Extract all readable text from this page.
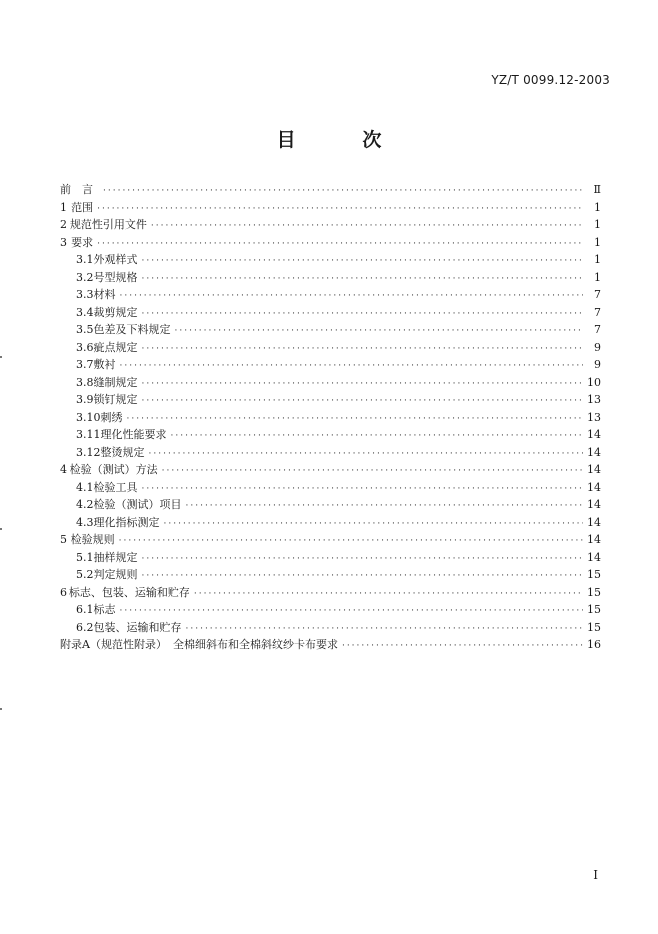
YZ/T 0099.12-2003
目	次
前　言 ·····	Ⅱ
1 范围 ·····	1
2 规范性引用文件 ·····	1
3 要求 ·····	1
3.1 外观样式 ·····	1
3.2 号型规格 ·····	1
3.3 材料 ·····	7
3.4 裁剪规定 ·····	7
3.5 色差及下料规定 ·····	7
3.6 疵点规定 ·····	9
3.7 敷衬 ·····	9
3.8 缝制规定 ·····	10
3.9 锁钉规定 ·····	13
3.10 刺绣 ·····	13
3.11 理化性能要求 ·····	14
3.12 整烫规定 ·····	14
4 检验（测试）方法 ·····	14
4.1 检验工具 ·····	14
4.2 检验（测试）项目 ·····	14
4.3 理化指标测定 ·····	14
5 检验规则 ·····	14
5.1 抽样规定 ·····	14
5.2 判定规则 ·····	15
6 标志、包装、运输和贮存 ·····	15
6.1 标志 ·····	15
6.2 包装、运输和贮存 ·····	15
附录A（规范性附录） 全棉细斜布和全棉斜纹纱卡布要求 ·····	16
I
